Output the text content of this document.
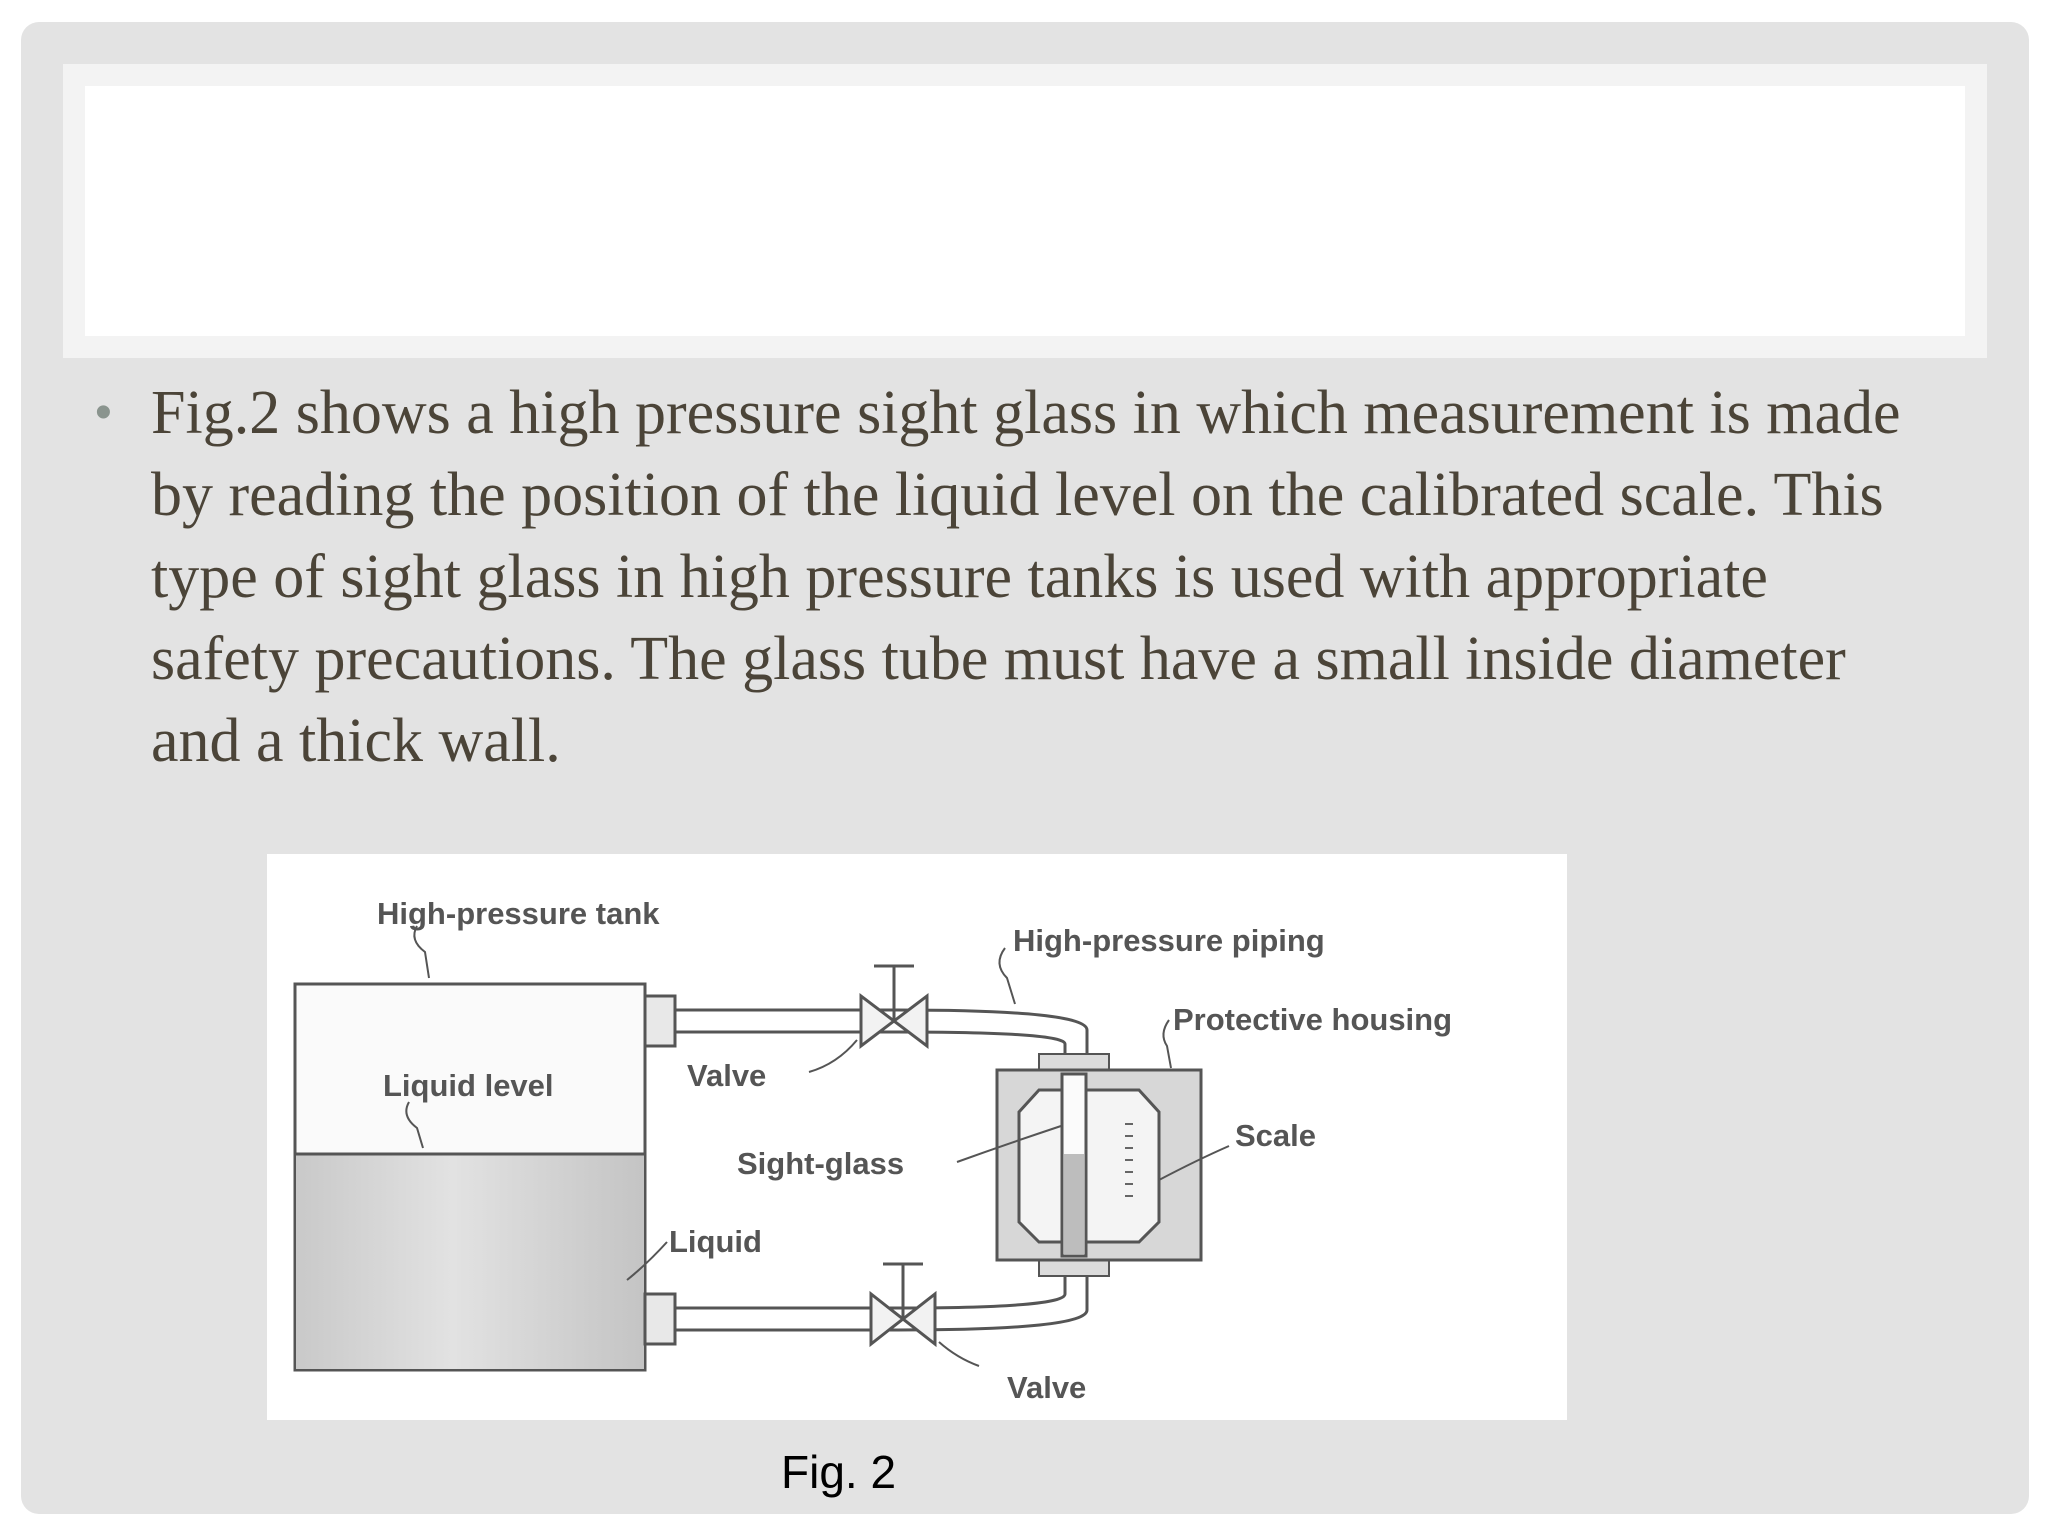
• Fig.2 shows a high pressure sight glass in which measurement is made by reading the position of the liquid level on the calibrated scale. This type of sight glass in high pressure tanks is used with appropriate safety precautions. The glass tube must have a small inside diameter and a thick wall.

High-pressure tank
High-pressure piping
Protective housing
Liquid level	Valve
Scale
Sight-glass
Liquid
Valve
Fig. 2
